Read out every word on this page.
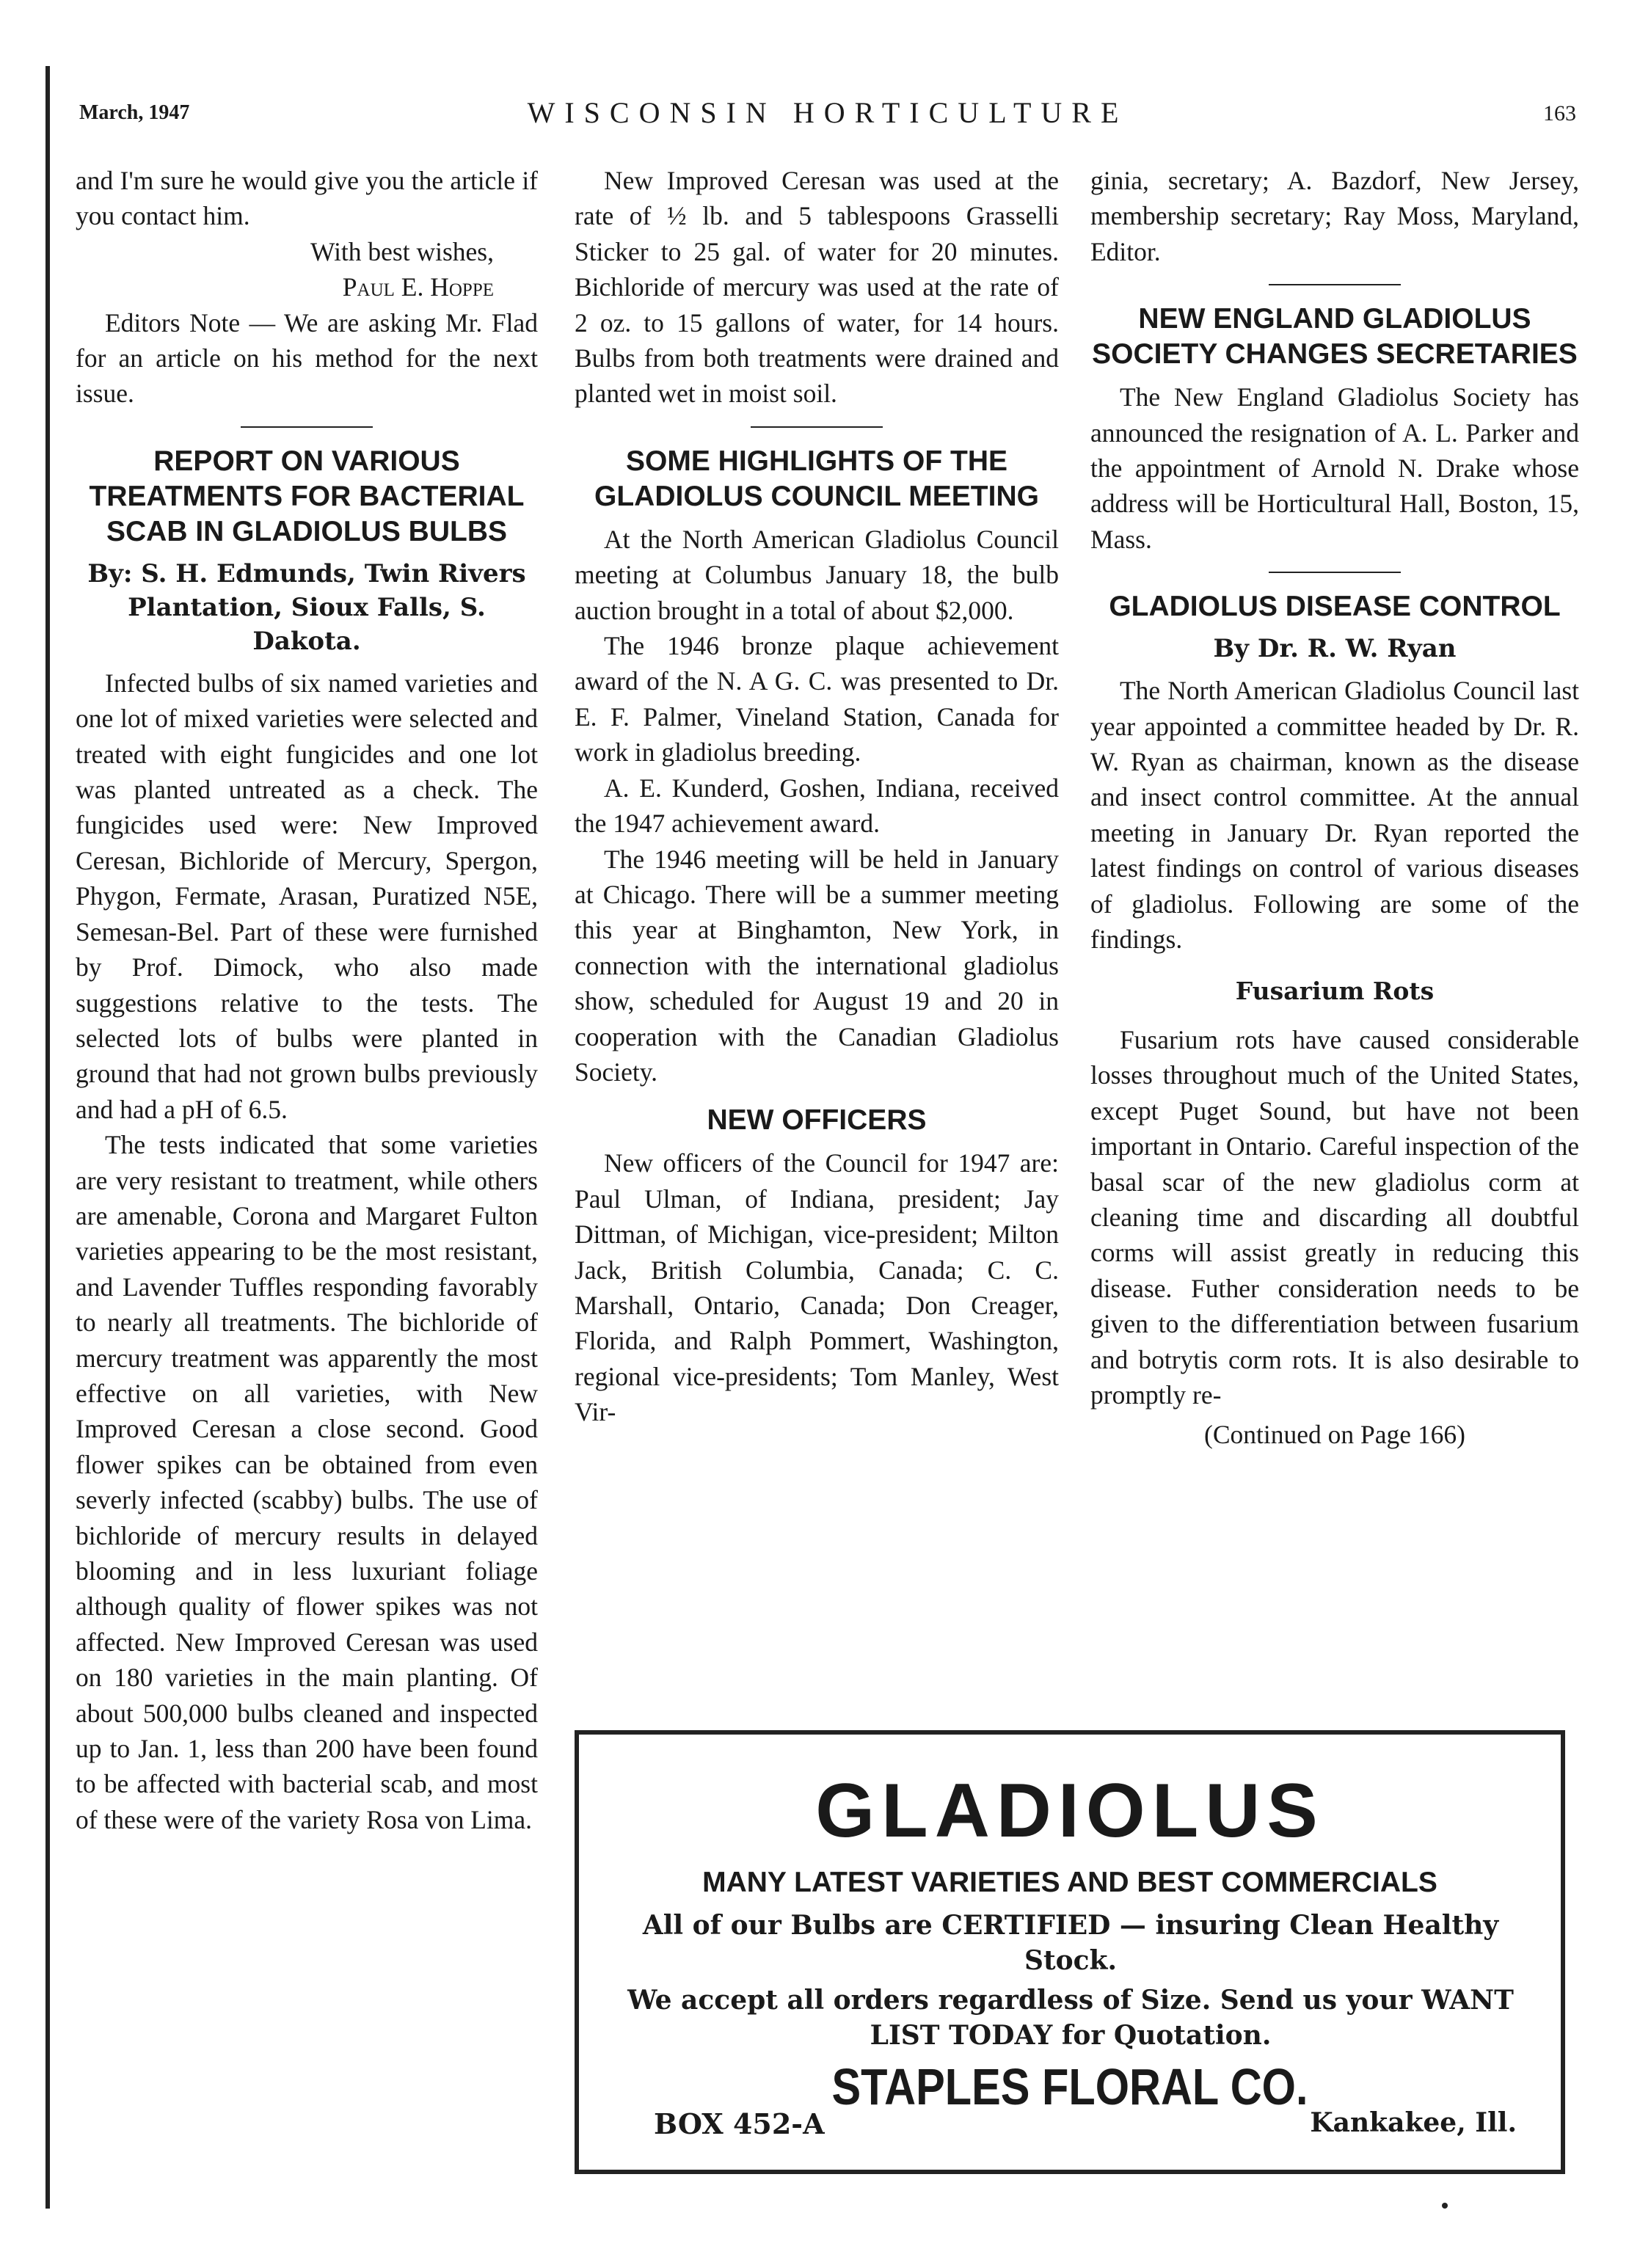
March, 1947	WISCONSIN HORTICULTURE	163

and I'm sure he would give you the article if you contact him.

With best wishes,

Paul E. Hoppe

Editors Note — We are asking Mr. Flad for an article on his method for the next issue.

REPORT ON VARIOUS TREATMENTS FOR BACTERIAL SCAB IN GLADIOLUS BULBS
By: S. H. Edmunds, Twin Rivers Plantation, Sioux Falls, S. Dakota.

Infected bulbs of six named varieties and one lot of mixed varieties were selected and treated with eight fungicides and one lot was planted untreated as a check. The fungicides used were: New Improved Ceresan, Bichloride of Mercury, Spergon, Phygon, Fermate, Arasan, Puratized N5E, Semesan-Bel. Part of these were furnished by Prof. Dimock, who also made suggestions relative to the tests. The selected lots of bulbs were planted in ground that had not grown bulbs previously and had a pH of 6.5.

The tests indicated that some varieties are very resistant to treatment, while others are amenable, Corona and Margaret Fulton varieties appearing to be the most resistant, and Lavender Tuffles responding favorably to nearly all treatments. The bichloride of mercury treatment was apparently the most effective on all varieties, with New Improved Ceresan a close second. Good flower spikes can be obtained from even severly infected (scabby) bulbs. The use of bichloride of mercury results in delayed blooming and in less luxuriant foliage although quality of flower spikes was not affected. New Improved Ceresan was used on 180 varieties in the main planting. Of about 500,000 bulbs cleaned and inspected up to Jan. 1, less than 200 have been found to be affected with bacterial scab, and most of these were of the variety Rosa von Lima.

New Improved Ceresan was used at the rate of ½ lb. and 5 tablespoons Grasselli Sticker to 25 gal. of water for 20 minutes. Bichloride of mercury was used at the rate of 2 oz. to 15 gallons of water, for 14 hours. Bulbs from both treatments were drained and planted wet in moist soil.

SOME HIGHLIGHTS OF THE GLADIOLUS COUNCIL MEETING

At the North American Gladiolus Council meeting at Columbus January 18, the bulb auction brought in a total of about $2,000.

The 1946 bronze plaque achievement award of the N. A G. C. was presented to Dr. E. F. Palmer, Vineland Station, Canada for work in gladiolus breeding.

A. E. Kunderd, Goshen, Indiana, received the 1947 achievement award.

The 1946 meeting will be held in January at Chicago. There will be a summer meeting this year at Binghamton, New York, in connection with the international gladiolus show, scheduled for August 19 and 20 in cooperation with the Canadian Gladiolus Society.

NEW OFFICERS

New officers of the Council for 1947 are: Paul Ulman, of Indiana, president; Jay Dittman, of Michigan, vice-president; Milton Jack, British Columbia, Canada; C. C. Marshall, Ontario, Canada; Don Creager, Florida, and Ralph Pommert, Washington, regional vice-presidents; Tom Manley, West Vir-

ginia, secretary; A. Bazdorf, New Jersey, membership secretary; Ray Moss, Maryland, Editor.

NEW ENGLAND GLADIOLUS SOCIETY CHANGES SECRETARIES

The New England Gladiolus Society has announced the resignation of A. L. Parker and the appointment of Arnold N. Drake whose address will be Horticultural Hall, Boston, 15, Mass.

GLADIOLUS DISEASE CONTROL
By Dr. R. W. Ryan

The North American Gladiolus Council last year appointed a committee headed by Dr. R. W. Ryan as chairman, known as the disease and insect control committee. At the annual meeting in January Dr. Ryan reported the latest findings on control of various diseases of gladiolus. Following are some of the findings.

Fusarium Rots

Fusarium rots have caused considerable losses throughout much of the United States, except Puget Sound, but have not been important in Ontario. Careful inspection of the basal scar of the new gladiolus corm at cleaning time and discarding all doubtful corms will assist greatly in reducing this disease. Futher consideration needs to be given to the differentiation between fusarium and botrytis corm rots. It is also desirable to promptly re-

(Continued on Page 166)
GLADIOLUS
MANY LATEST VARIETIES AND BEST COMMERCIALS
All of our Bulbs are CERTIFIED — insuring Clean Healthy Stock.
We accept all orders regardless of Size. Send us your WANT LIST TODAY for Quotation.
STAPLES FLORAL CO.
BOX 452-A	Kankakee, Ill.
